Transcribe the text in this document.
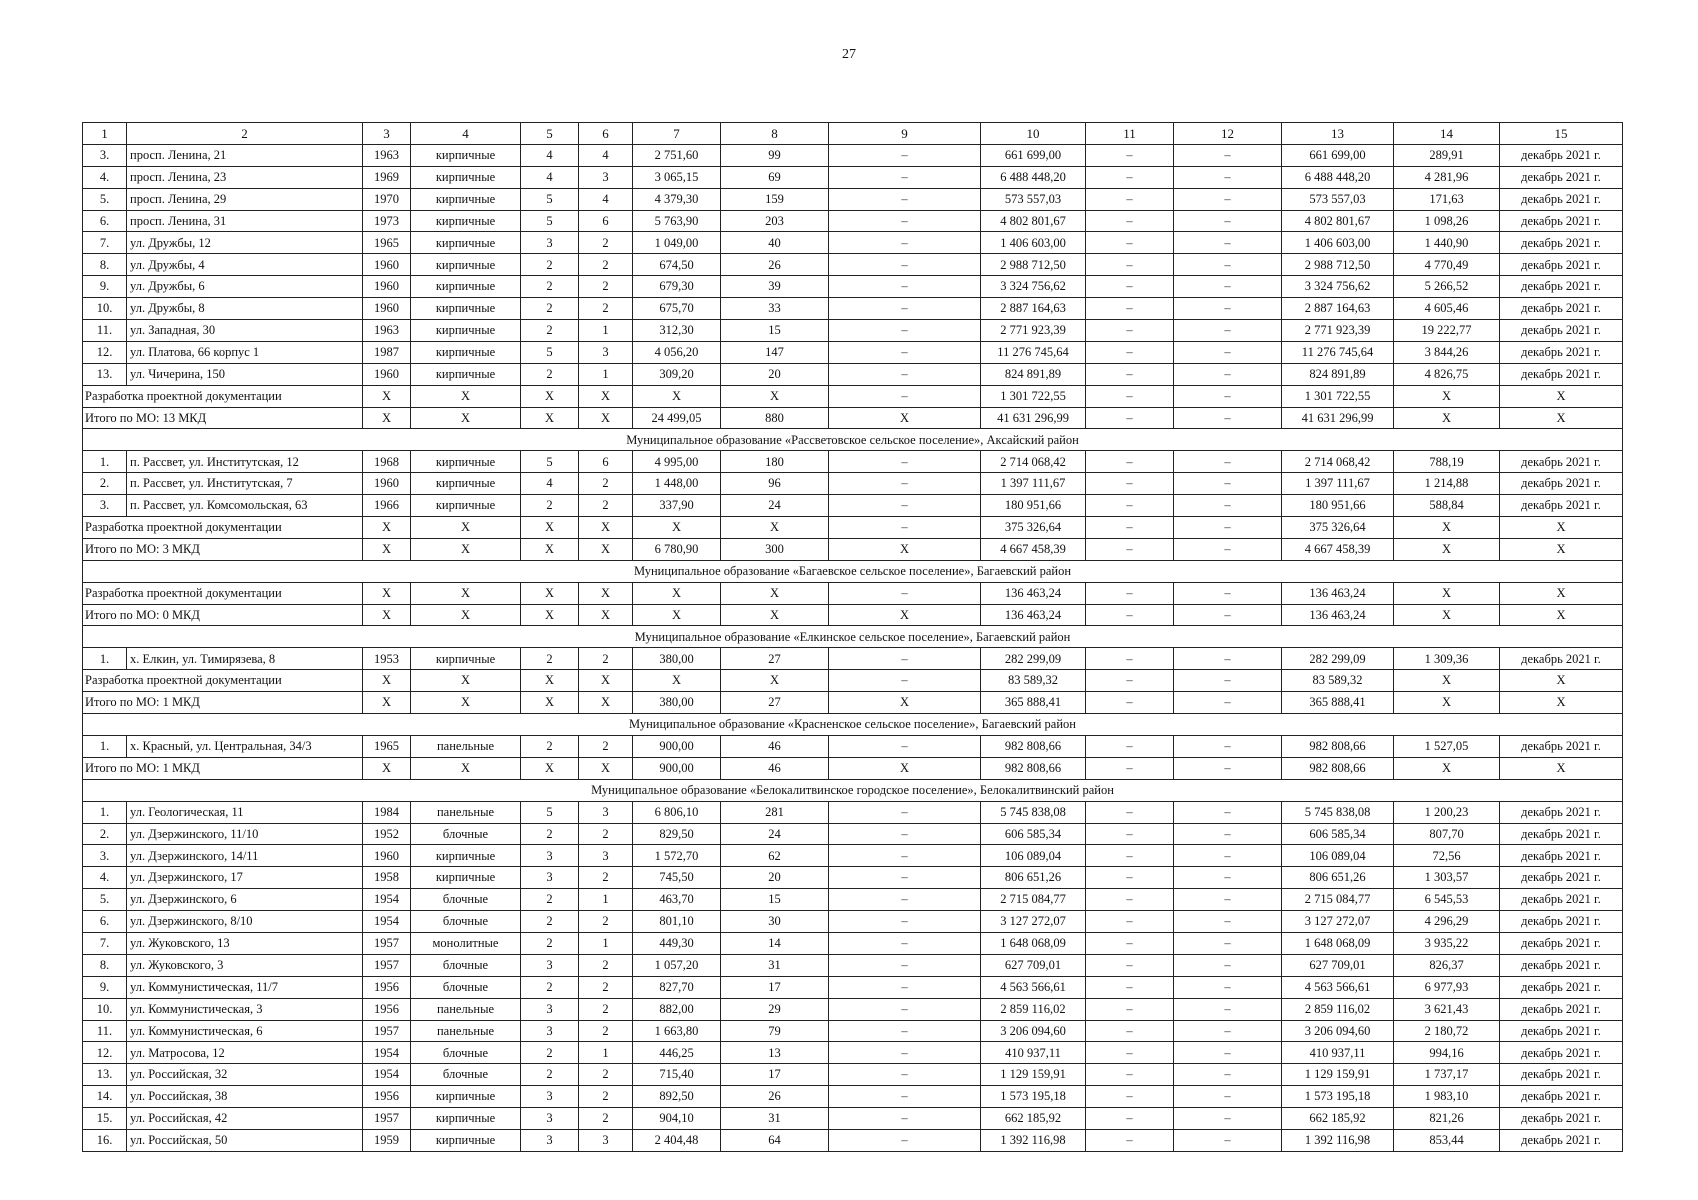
27
1	2	3	4	5	6	7	8	9	10	11	12	13	14	15
3.	просп. Ленина, 21	1963	кирпичные	4	4	2 751,60	99	–	661 699,00	–	–	661 699,00	289,91	декабрь 2021 г.
4.	просп. Ленина, 23	1969	кирпичные	4	3	3 065,15	69	–	6 488 448,20	–	–	6 488 448,20	4 281,96	декабрь 2021 г.
5.	просп. Ленина, 29	1970	кирпичные	5	4	4 379,30	159	–	573 557,03	–	–	573 557,03	171,63	декабрь 2021 г.
6.	просп. Ленина, 31	1973	кирпичные	5	6	5 763,90	203	–	4 802 801,67	–	–	4 802 801,67	1 098,26	декабрь 2021 г.
7.	ул. Дружбы, 12	1965	кирпичные	3	2	1 049,00	40	–	1 406 603,00	–	–	1 406 603,00	1 440,90	декабрь 2021 г.
8.	ул. Дружбы, 4	1960	кирпичные	2	2	674,50	26	–	2 988 712,50	–	–	2 988 712,50	4 770,49	декабрь 2021 г.
9.	ул. Дружбы, 6	1960	кирпичные	2	2	679,30	39	–	3 324 756,62	–	–	3 324 756,62	5 266,52	декабрь 2021 г.
10.	ул. Дружбы, 8	1960	кирпичные	2	2	675,70	33	–	2 887 164,63	–	–	2 887 164,63	4 605,46	декабрь 2021 г.
11.	ул. Западная, 30	1963	кирпичные	2	1	312,30	15	–	2 771 923,39	–	–	2 771 923,39	19 222,77	декабрь 2021 г.
12.	ул. Платова, 66 корпус 1	1987	кирпичные	5	3	4 056,20	147	–	11 276 745,64	–	–	11 276 745,64	3 844,26	декабрь 2021 г.
13.	ул. Чичерина, 150	1960	кирпичные	2	1	309,20	20	–	824 891,89	–	–	824 891,89	4 826,75	декабрь 2021 г.
Разработка проектной документации		Х	Х	Х	Х	Х	Х	–	1 301 722,55	–	–	1 301 722,55	Х	Х
Итого по МО: 13 МКД		Х	Х	Х	Х	24 499,05	880	Х	41 631 296,99	–	–	41 631 296,99	Х	Х
Муниципальное образование «Рассветовское сельское поселение», Аксайский район														
1.	п. Рассвет, ул. Институтская, 12	1968	кирпичные	5	6	4 995,00	180	–	2 714 068,42	–	–	2 714 068,42	788,19	декабрь 2021 г.
2.	п. Рассвет, ул. Институтская, 7	1960	кирпичные	4	2	1 448,00	96	–	1 397 111,67	–	–	1 397 111,67	1 214,88	декабрь 2021 г.
3.	п. Рассвет, ул. Комсомольская, 63	1966	кирпичные	2	2	337,90	24	–	180 951,66	–	–	180 951,66	588,84	декабрь 2021 г.
Разработка проектной документации		Х	Х	Х	Х	Х	Х	–	375 326,64	–	–	375 326,64	Х	Х
Итого по МО: 3 МКД		Х	Х	Х	Х	6 780,90	300	Х	4 667 458,39	–	–	4 667 458,39	Х	Х
Муниципальное образование «Багаевское сельское поселение», Багаевский район														
Разработка проектной документации		Х	Х	Х	Х	Х	Х	–	136 463,24	–	–	136 463,24	Х	Х
Итого по МО: 0 МКД		Х	Х	Х	Х	Х	Х	Х	136 463,24	–	–	136 463,24	Х	Х
Муниципальное образование «Елкинское сельское поселение», Багаевский район														
1.	х. Елкин, ул. Тимирязева, 8	1953	кирпичные	2	2	380,00	27	–	282 299,09	–	–	282 299,09	1 309,36	декабрь 2021 г.
Разработка проектной документации		Х	Х	Х	Х	Х	Х	–	83 589,32	–	–	83 589,32	Х	Х
Итого по МО: 1 МКД		Х	Х	Х	Х	380,00	27	Х	365 888,41	–	–	365 888,41	Х	Х
Муниципальное образование «Красненское сельское поселение», Багаевский район														
1.	х. Красный, ул. Центральная, 34/3	1965	панельные	2	2	900,00	46	–	982 808,66	–	–	982 808,66	1 527,05	декабрь 2021 г.
Итого по МО: 1 МКД		Х	Х	Х	Х	900,00	46	Х	982 808,66	–	–	982 808,66	Х	Х
Муниципальное образование «Белокалитвинское городское поселение», Белокалитвинский район														
1.	ул. Геологическая, 11	1984	панельные	5	3	6 806,10	281	–	5 745 838,08	–	–	5 745 838,08	1 200,23	декабрь 2021 г.
2.	ул. Дзержинского, 11/10	1952	блочные	2	2	829,50	24	–	606 585,34	–	–	606 585,34	807,70	декабрь 2021 г.
3.	ул. Дзержинского, 14/11	1960	кирпичные	3	3	1 572,70	62	–	106 089,04	–	–	106 089,04	72,56	декабрь 2021 г.
4.	ул. Дзержинского, 17	1958	кирпичные	3	2	745,50	20	–	806 651,26	–	–	806 651,26	1 303,57	декабрь 2021 г.
5.	ул. Дзержинского, 6	1954	блочные	2	1	463,70	15	–	2 715 084,77	–	–	2 715 084,77	6 545,53	декабрь 2021 г.
6.	ул. Дзержинского, 8/10	1954	блочные	2	2	801,10	30	–	3 127 272,07	–	–	3 127 272,07	4 296,29	декабрь 2021 г.
7.	ул. Жуковского, 13	1957	монолитные	2	1	449,30	14	–	1 648 068,09	–	–	1 648 068,09	3 935,22	декабрь 2021 г.
8.	ул. Жуковского, 3	1957	блочные	3	2	1 057,20	31	–	627 709,01	–	–	627 709,01	826,37	декабрь 2021 г.
9.	ул. Коммунистическая, 11/7	1956	блочные	2	2	827,70	17	–	4 563 566,61	–	–	4 563 566,61	6 977,93	декабрь 2021 г.
10.	ул. Коммунистическая, 3	1956	панельные	3	2	882,00	29	–	2 859 116,02	–	–	2 859 116,02	3 621,43	декабрь 2021 г.
11.	ул. Коммунистическая, 6	1957	панельные	3	2	1 663,80	79	–	3 206 094,60	–	–	3 206 094,60	2 180,72	декабрь 2021 г.
12.	ул. Матросова, 12	1954	блочные	2	1	446,25	13	–	410 937,11	–	–	410 937,11	994,16	декабрь 2021 г.
13.	ул. Российская, 32	1954	блочные	2	2	715,40	17	–	1 129 159,91	–	–	1 129 159,91	1 737,17	декабрь 2021 г.
14.	ул. Российская, 38	1956	кирпичные	3	2	892,50	26	–	1 573 195,18	–	–	1 573 195,18	1 983,10	декабрь 2021 г.
15.	ул. Российская, 42	1957	кирпичные	3	2	904,10	31	–	662 185,92	–	–	662 185,92	821,26	декабрь 2021 г.
16.	ул. Российская, 50	1959	кирпичные	3	3	2 404,48	64	–	1 392 116,98	–	–	1 392 116,98	853,44	декабрь 2021 г.
